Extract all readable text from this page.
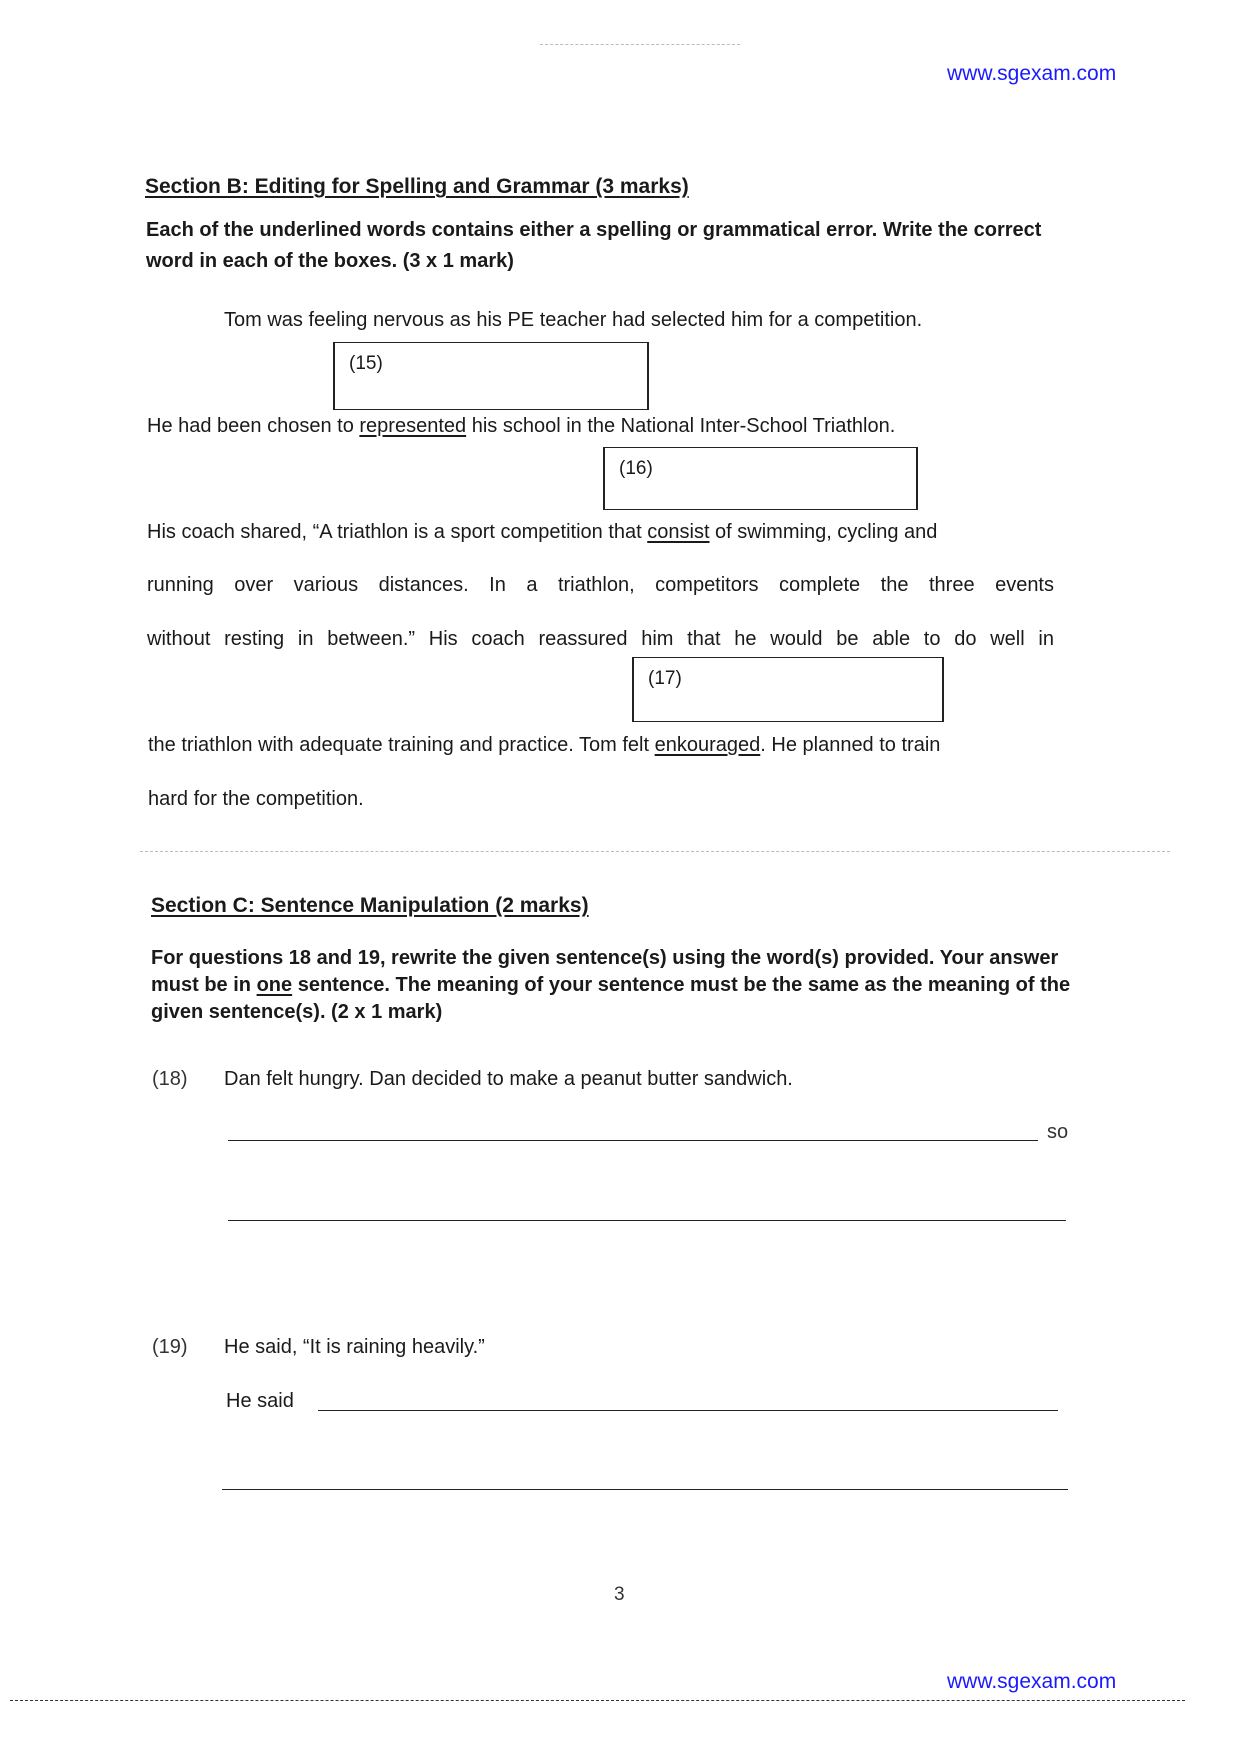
www.sgexam.com
Section B: Editing for Spelling and Grammar (3 marks)
Each of the underlined words contains either a spelling or grammatical error. Write the correct word in each of the boxes. (3 x 1 mark)
Tom was feeling nervous as his PE teacher had selected him for a competition.
(15)
He had been chosen to represented his school in the National Inter-School Triathlon.
(16)
His coach shared, “A triathlon is a sport competition that consist of swimming, cycling and
running over various distances. In a triathlon, competitors complete the three events
without resting in between.” His coach reassured him that he would be able to do well in
(17)
the triathlon with adequate training and practice. Tom felt enkouraged. He planned to train
hard for the competition.
Section C: Sentence Manipulation (2 marks)
For questions 18 and 19, rewrite the given sentence(s) using the word(s) provided. Your answer must be in one sentence. The meaning of your sentence must be the same as the meaning of the given sentence(s). (2 x 1 mark)
(18) Dan felt hungry. Dan decided to make a peanut butter sandwich.
so
(19) He said, “It is raining heavily.”
He said
3
www.sgexam.com
